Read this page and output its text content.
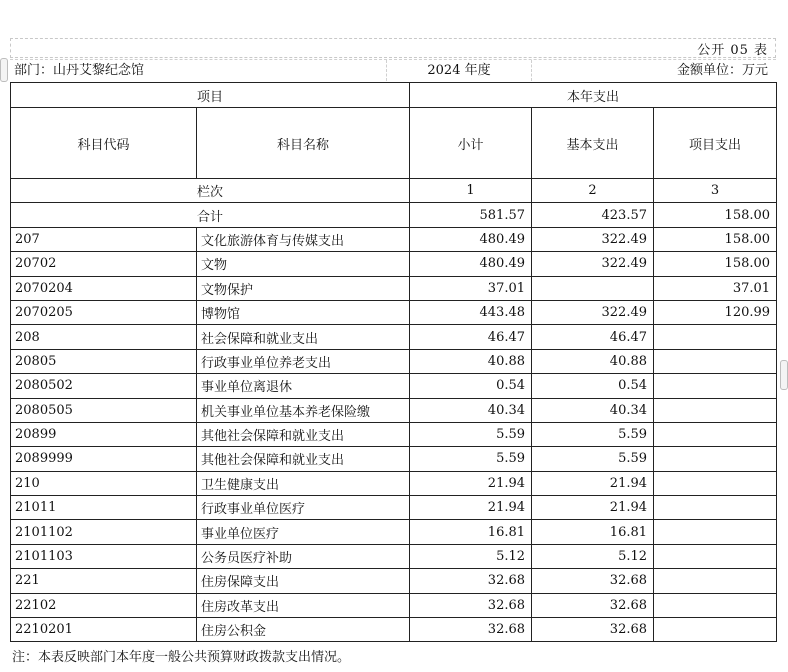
公开 05 表
部门：山丹艾黎纪念馆	2024 年度	金额单位：万元
项目		本年支出		
科目代码	科目名称	小计	基本支出	项目支出
栏次		1	2	3
合计		581.57	423.57	158.00
207	文化旅游体育与传媒支出	480.49	322.49	158.00
20702	文物	480.49	322.49	158.00
2070204	文物保护	37.01		37.01
2070205	博物馆	443.48	322.49	120.99
208	社会保障和就业支出	46.47	46.47	
20805	行政事业单位养老支出	40.88	40.88	
2080502	事业单位离退休	0.54	0.54	
2080505	机关事业单位基本养老保险缴	40.34	40.34	
20899	其他社会保障和就业支出	5.59	5.59	
2089999	其他社会保障和就业支出	5.59	5.59	
210	卫生健康支出	21.94	21.94	
21011	行政事业单位医疗	21.94	21.94	
2101102	事业单位医疗	16.81	16.81	
2101103	公务员医疗补助	5.12	5.12	
221	住房保障支出	32.68	32.68	
22102	住房改革支出	32.68	32.68	
2210201	住房公积金	32.68	32.68	
注：本表反映部门本年度一般公共预算财政拨款支出情况。
